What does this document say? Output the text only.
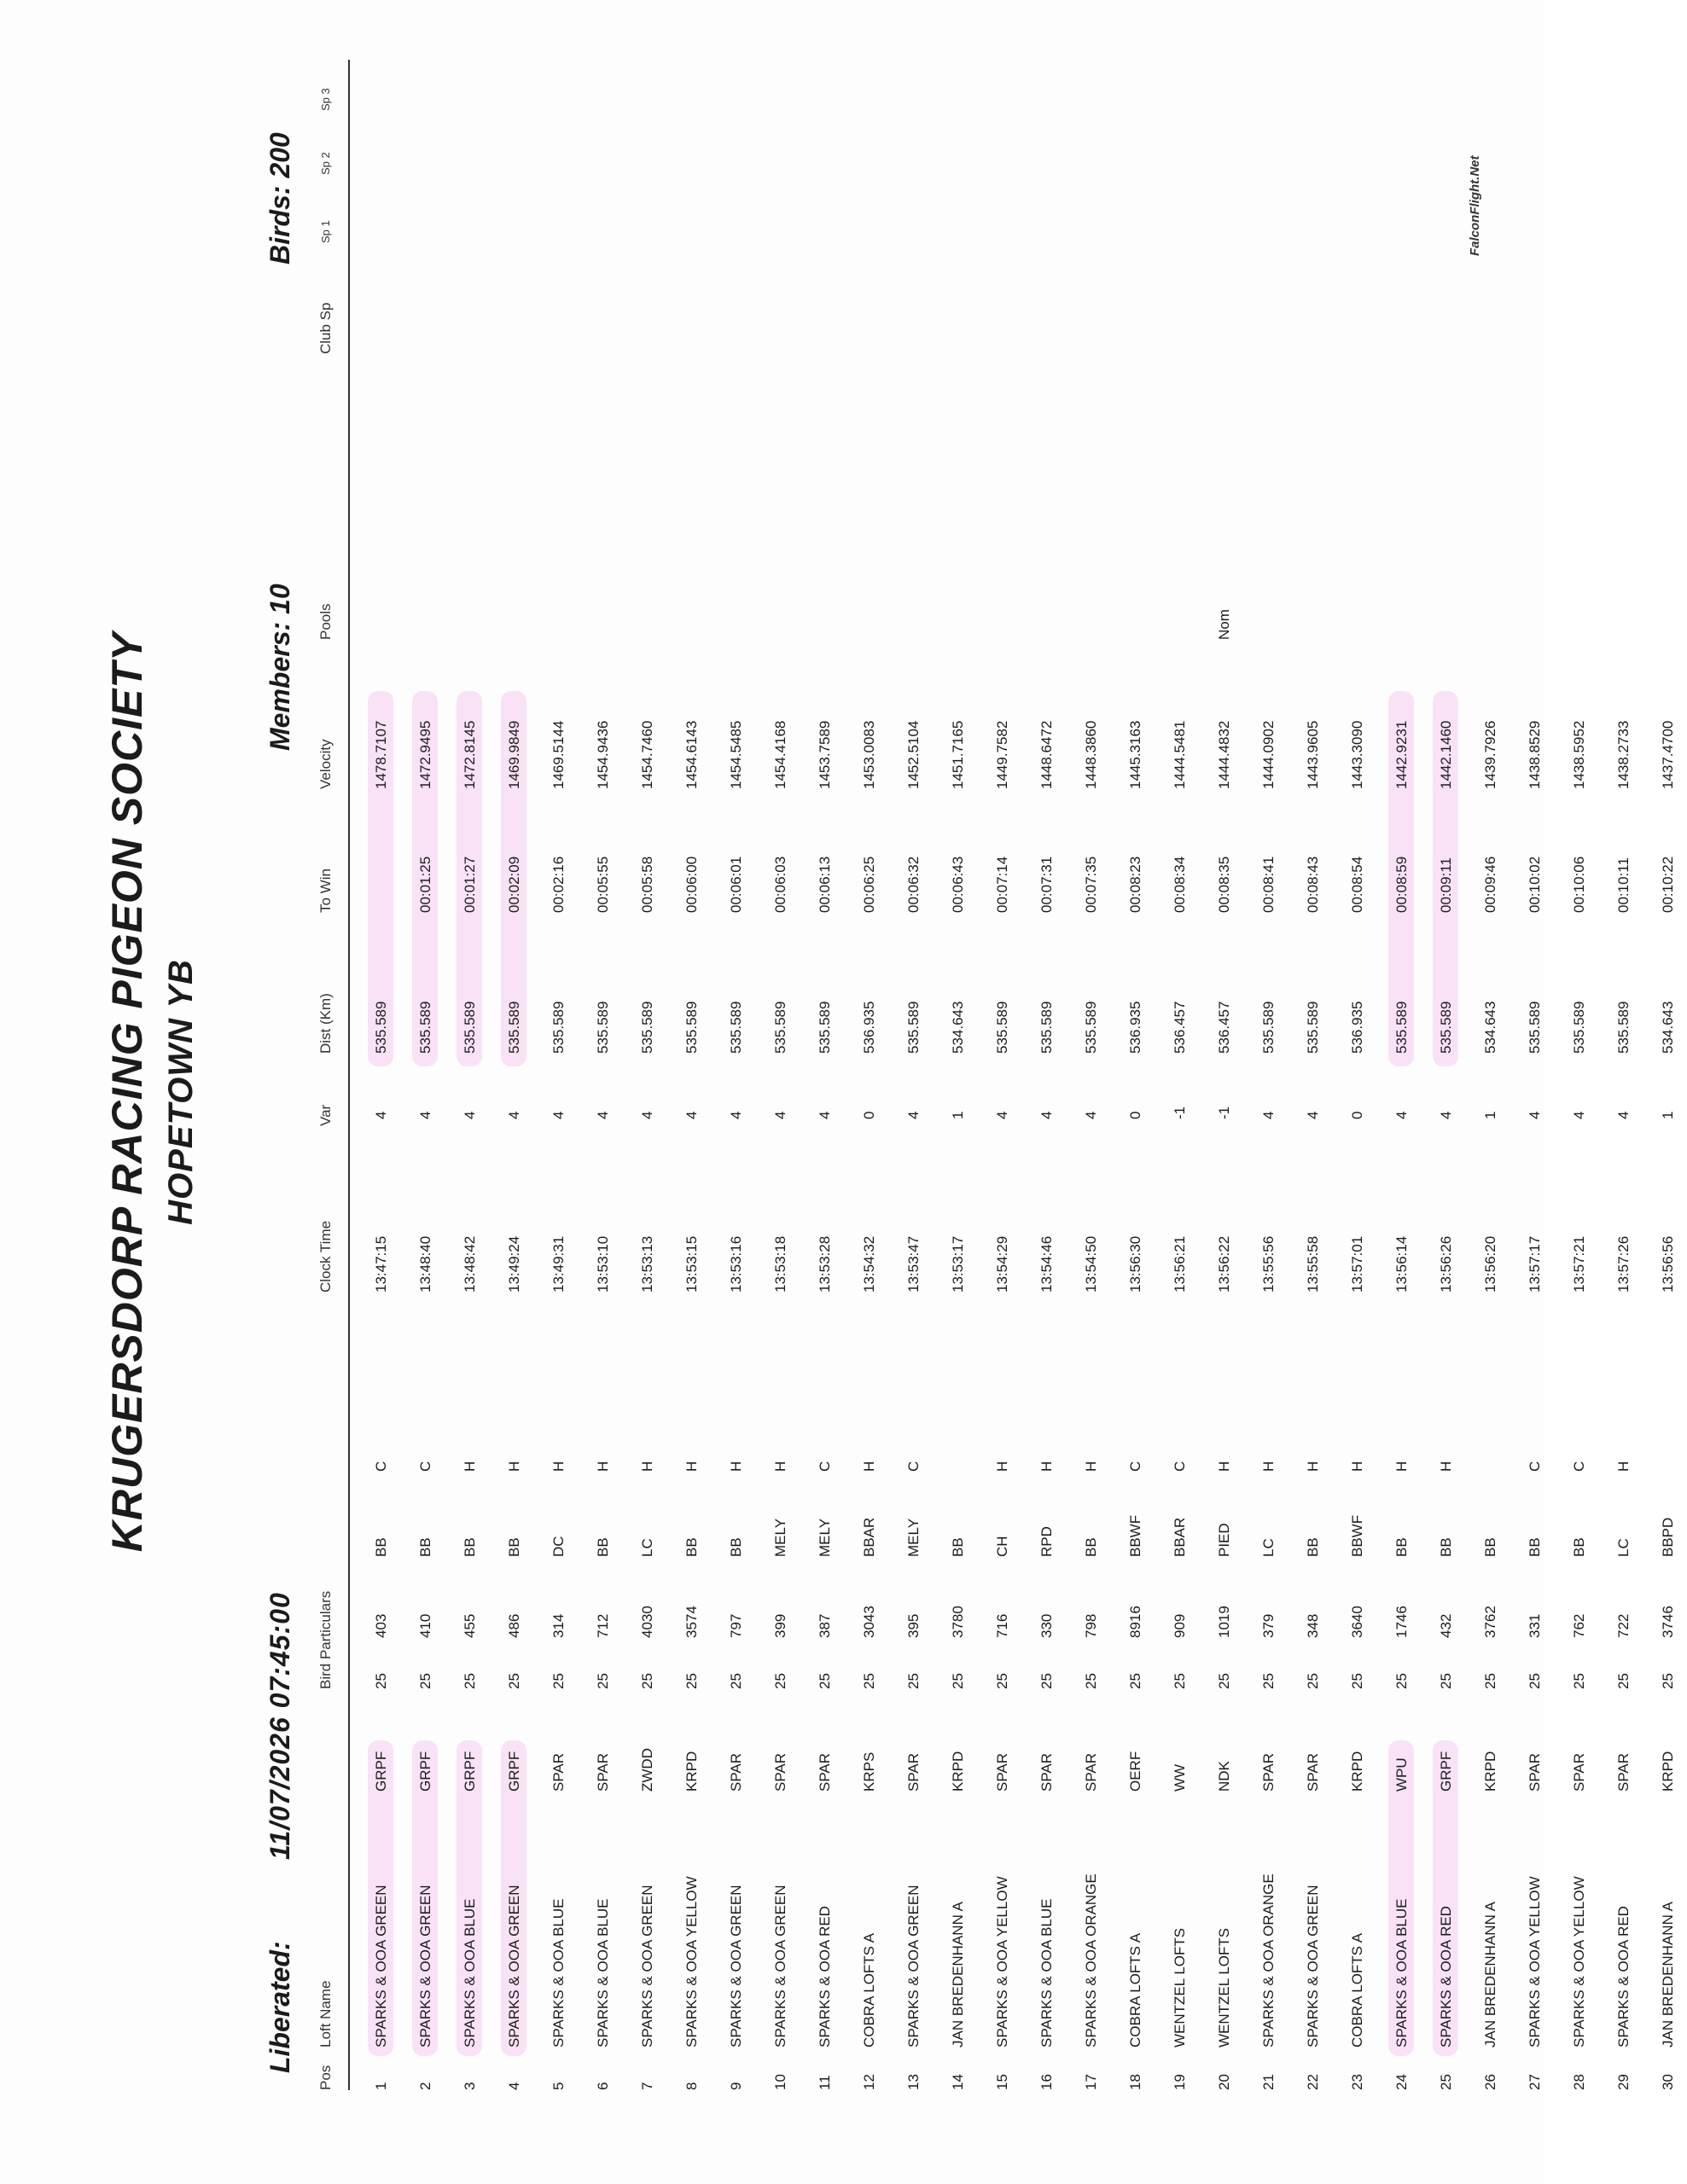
KRUGERSDORP RACING PIGEON SOCIETY HOPETOWN YB
Liberated:
11/07/2026 07:45:00
Members: 10
Birds: 200
Pos
Loft Name
Bird Particulars
Clock Time
Var
Dist (Km)
To Win
Velocity
Pools
Club Sp
Sp 1
Sp 2
Sp 3
1
SPARKS & OOA GREEN
GRPF
25
403
BB
C
13:47:15
4
535.589
1478.7107
2
SPARKS & OOA GREEN
GRPF
25
410
BB
C
13:48:40
4
535.589
00:01:25
1472.9495
3
SPARKS & OOA BLUE
GRPF
25
455
BB
H
13:48:42
4
535.589
00:01:27
1472.8145
4
SPARKS & OOA GREEN
GRPF
25
486
BB
H
13:49:24
4
535.589
00:02:09
1469.9849
5
SPARKS & OOA BLUE
SPAR
25
314
DC
H
13:49:31
4
535.589
00:02:16
1469.5144
6
SPARKS & OOA BLUE
SPAR
25
712
BB
H
13:53:10
4
535.589
00:05:55
1454.9436
7
SPARKS & OOA GREEN
ZWDD
25
4030
LC
H
13:53:13
4
535.589
00:05:58
1454.7460
8
SPARKS & OOA YELLOW
KRPD
25
3574
BB
H
13:53:15
4
535.589
00:06:00
1454.6143
9
SPARKS & OOA GREEN
SPAR
25
797
BB
H
13:53:16
4
535.589
00:06:01
1454.5485
10
SPARKS & OOA GREEN
SPAR
25
399
MELY
H
13:53:18
4
535.589
00:06:03
1454.4168
11
SPARKS & OOA RED
SPAR
25
387
MELY
C
13:53:28
4
535.589
00:06:13
1453.7589
12
COBRA LOFTS A
KRPS
25
3043
BBAR
H
13:54:32
0
536.935
00:06:25
1453.0083
13
SPARKS & OOA GREEN
SPAR
25
395
MELY
C
13:53:47
4
535.589
00:06:32
1452.5104
14
JAN BREDENHANN A
KRPD
25
3780
BB
13:53:17
1
534.643
00:06:43
1451.7165
15
SPARKS & OOA YELLOW
SPAR
25
716
CH
H
13:54:29
4
535.589
00:07:14
1449.7582
16
SPARKS & OOA BLUE
SPAR
25
330
RPD
H
13:54:46
4
535.589
00:07:31
1448.6472
17
SPARKS & OOA ORANGE
SPAR
25
798
BB
H
13:54:50
4
535.589
00:07:35
1448.3860
18
COBRA LOFTS A
OERF
25
8916
BBWF
C
13:56:30
0
536.935
00:08:23
1445.3163
19
WENTZEL LOFTS
WW
25
909
BBAR
C
13:56:21
-1
536.457
00:08:34
1444.5481
20
WENTZEL LOFTS
NDK
25
1019
PIED
H
13:56:22
-1
536.457
00:08:35
1444.4832
Nom
21
SPARKS & OOA ORANGE
SPAR
25
379
LC
H
13:55:56
4
535.589
00:08:41
1444.0902
22
SPARKS & OOA GREEN
SPAR
25
348
BB
H
13:55:58
4
535.589
00:08:43
1443.9605
23
COBRA LOFTS A
KRPD
25
3640
BBWF
H
13:57:01
0
536.935
00:08:54
1443.3090
24
SPARKS & OOA BLUE
WPU
25
1746
BB
H
13:56:14
4
535.589
00:08:59
1442.9231
25
SPARKS & OOA RED
GRPF
25
432
BB
H
13:56:26
4
535.589
00:09:11
1442.1460
26
JAN BREDENHANN A
KRPD
25
3762
BB
13:56:20
1
534.643
00:09:46
1439.7926
27
SPARKS & OOA YELLOW
SPAR
25
331
BB
C
13:57:17
4
535.589
00:10:02
1438.8529
28
SPARKS & OOA YELLOW
SPAR
25
762
BB
C
13:57:21
4
535.589
00:10:06
1438.5952
29
SPARKS & OOA RED
SPAR
25
722
LC
H
13:57:26
4
535.589
00:10:11
1438.2733
30
JAN BREDENHANN A
KRPD
25
3746
BBPD
13:56:56
1
534.643
00:10:22
1437.4700
FalconFlight.Net
